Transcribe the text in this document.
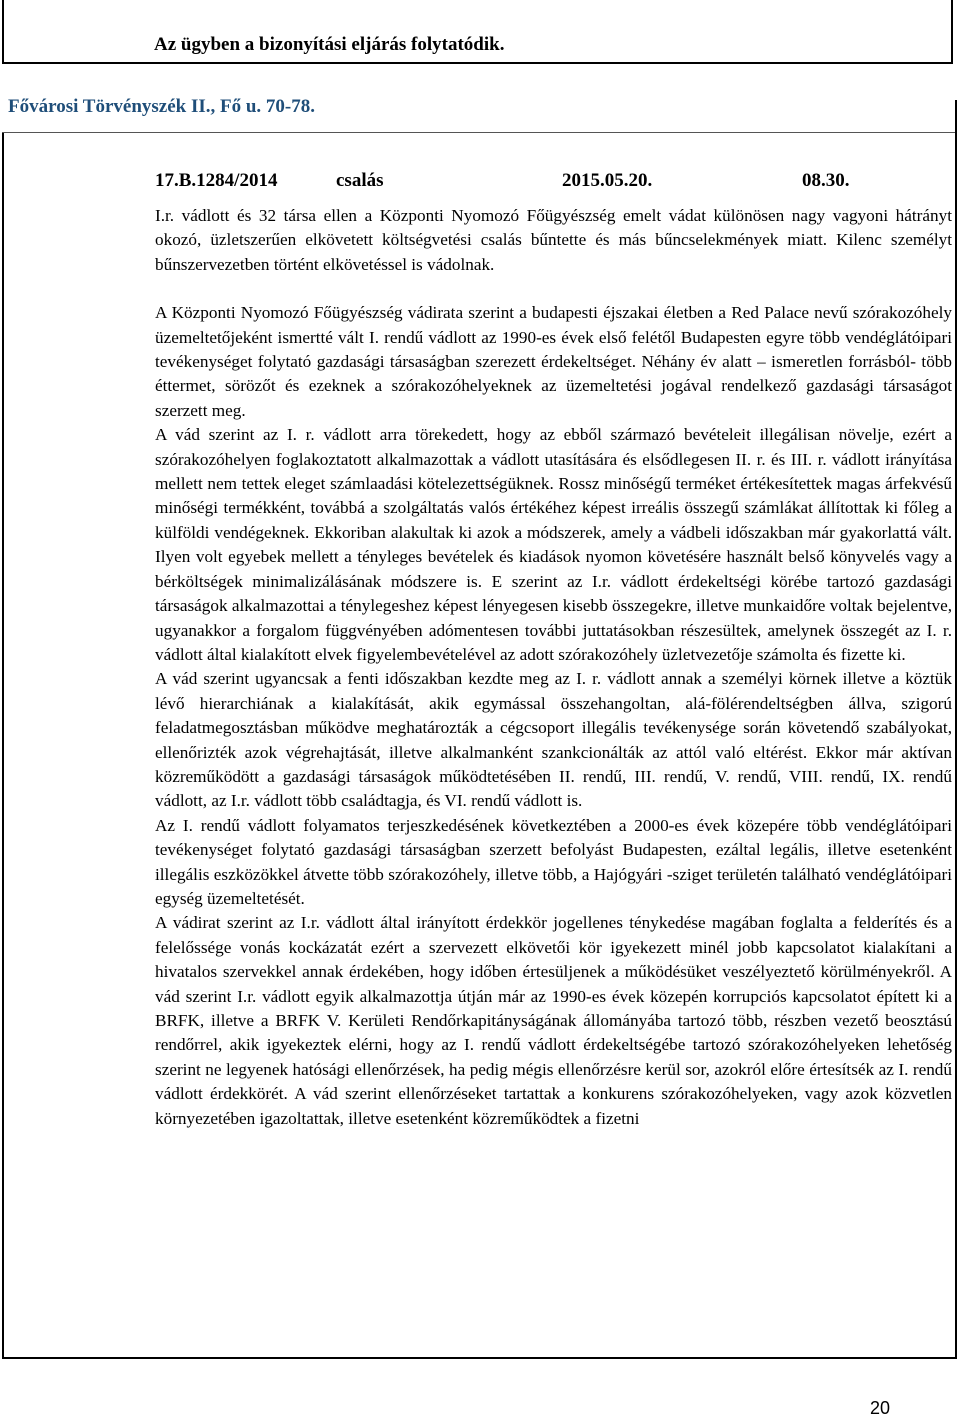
Az ügyben a bizonyítási eljárás folytatódik.
Fővárosi Törvényszék II., Fő u. 70-78.
17.B.1284/2014	csalás	2015.05.20.	08.30.

I.r. vádlott és 32 társa ellen a Központi Nyomozó Főügyészség emelt vádat különösen nagy vagyoni hátrányt okozó, üzletszerűen elkövetett költségvetési csalás bűntette és más bűncselekmények miatt. Kilenc személyt bűnszervezetben történt elkövetéssel is vádolnak.

A Központi Nyomozó Főügyészség vádirata szerint a budapesti éjszakai életben a Red Palace nevű szórakozóhely üzemeltetőjeként ismertté vált I. rendű vádlott az 1990-es évek első felétől Budapesten egyre több vendéglátóipari tevékenységet folytató gazdasági társaságban szerezett érdekeltséget. Néhány év alatt – ismeretlen forrásból- több éttermet, sörözőt és ezeknek a szórakozóhelyeknek az üzemeltetési jogával rendelkező gazdasági társaságot szerzett meg.

A vád szerint az I. r. vádlott arra törekedett, hogy az ebből származó bevételeit illegálisan növelje, ezért a szórakozóhelyen foglakoztatott alkalmazottak a vádlott utasítására és elsődlegesen II. r. és III. r. vádlott irányítása mellett nem tettek eleget számlaadási kötelezettségüknek. Rossz minőségű terméket értékesítettek magas árfekvésű minőségi termékként, továbbá a szolgáltatás valós értékéhez képest irreális összegű számlákat állítottak ki főleg a külföldi vendégeknek. Ekkoriban alakultak ki azok a módszerek, amely a vádbeli időszakban már gyakorlattá vált. Ilyen volt egyebek mellett a tényleges bevételek és kiadások nyomon követésére használt belső könyvelés vagy a bérköltségek minimalizálásának módszere is. E szerint az I.r. vádlott érdekeltségi körébe tartozó gazdasági társaságok alkalmazottai a ténylegeshez képest lényegesen kisebb összegekre, illetve munkaidőre voltak bejelentve, ugyanakkor a forgalom függvényében adómentesen további juttatásokban részesültek, amelynek összegét az I. r. vádlott által kialakított elvek figyelembevételével az adott szórakozóhely üzletvezetője számolta és fizette ki.

A vád szerint ugyancsak a fenti időszakban kezdte meg az I. r. vádlott annak a személyi körnek illetve a köztük lévő hierarchiának a kialakítását, akik egymással összehangoltan, alá-fölérendeltségben állva, szigorú feladatmegosztásban működve meghatározták a cégcsoport illegális tevékenysége során követendő szabályokat, ellenőrizték azok végrehajtását, illetve alkalmanként szankcionálták az attól való eltérést. Ekkor már aktívan közreműködött a gazdasági társaságok működtetésében II. rendű, III. rendű, V. rendű, VIII. rendű, IX. rendű vádlott, az I.r. vádlott több családtagja, és VI. rendű vádlott is.

Az I. rendű vádlott folyamatos terjeszkedésének következtében a 2000-es évek közepére több vendéglátóipari tevékenységet folytató gazdasági társaságban szerzett befolyást Budapesten, ezáltal legális, illetve esetenként illegális eszközökkel átvette több szórakozóhely, illetve több, a Hajógyári -sziget területén található vendéglátóipari egység üzemeltetését.

A vádirat szerint az I.r. vádlott által irányított érdekkör jogellenes ténykedése magában foglalta a felderítés és a felelőssége vonás kockázatát ezért a szervezett elkövetői kör igyekezett minél jobb kapcsolatot kialakítani a hivatalos szervekkel annak érdekében, hogy időben értesüljenek a működésüket veszélyeztető körülményekről. A vád szerint I.r. vádlott egyik alkalmazottja útján már az 1990-es évek közepén korrupciós kapcsolatot épített ki a BRFK, illetve a BRFK V. Kerületi Rendőrkapitányságának állományába tartozó több, részben vezető beosztású rendőrrel, akik igyekeztek elérni, hogy az I. rendű vádlott érdekeltségébe tartozó szórakozóhelyeken lehetőség szerint ne legyenek hatósági ellenőrzések, ha pedig mégis ellenőrzésre kerül sor, azokról előre értesítsék az I. rendű vádlott érdekkörét. A vád szerint ellenőrzéseket tartattak a konkurens szórakozóhelyeken, vagy azok közvetlen környezetében igazoltattak, illetve esetenként közreműködtek a fizetni

20
